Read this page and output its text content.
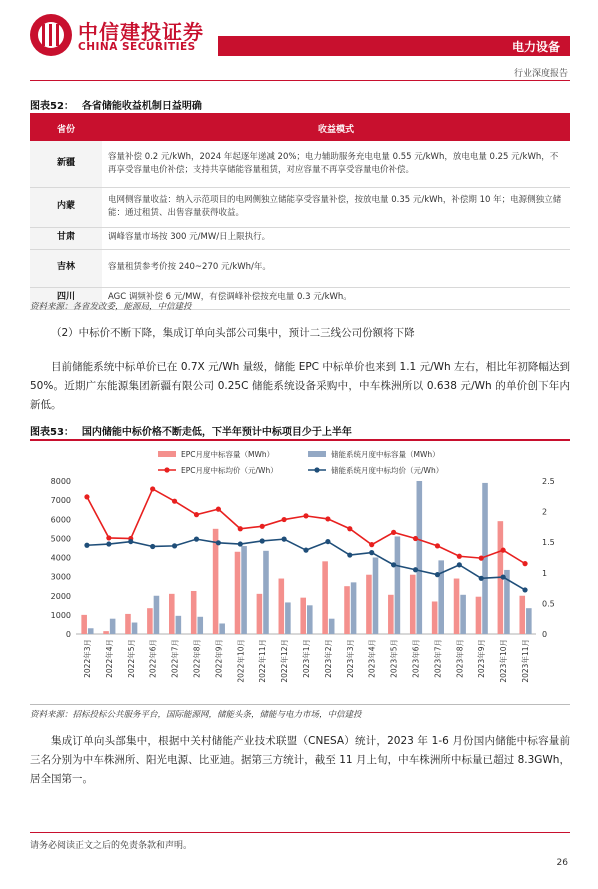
中信建投证券
CHINA SECURITIES	电力设备
行业深度报告
图表52： 各省储能收益机制日益明确
省份	收益模式
新疆	容量补偿 0.2 元/kWh，2024 年起逐年递减 20%；电力辅助服务充电电量 0.55 元/kWh，放电电量 0.25 元/kWh，不再享受容量电价补偿；支持共享储能容量租赁，对应容量不再享受容量电价补偿。
内蒙	电网侧容量收益：纳入示范项目的电网侧独立储能享受容量补偿，按放电量 0.35 元/kWh，补偿期 10 年；电源侧独立储能：通过租赁、出售容量获得收益。
甘肃	调峰容量市场按 300 元/MW/日上限执行。
吉林	容量租赁参考价按 240~270 元/kWh/年。
四川	AGC 调频补偿 6 元/MW，有偿调峰补偿按充电量 0.3 元/kWh。
资料来源：各省发改委，能源局，中信建投
（2）中标价不断下降，集成订单向头部公司集中，预计二三线公司份额将下降
目前储能系统中标单价已在 0.7X 元/Wh 量级，储能 EPC 中标单价也来到 1.1 元/Wh 左右，相比年初降幅达到 50%。近期广东能源集团新疆有限公司 0.25C 储能系统设备采购中，中车株洲所以 0.638 元/Wh 的单价创下年内新低。
图表53： 国内储能中标价格不断走低，下半年预计中标项目少于上半年
EPC月度中标容量（MWh）	储能系统月度中标容量（MWh）
EPC月度中标均价（元/Wh）	储能系统月度中标均价（元/Wh）
0
1000
2000
3000
4000
5000
6000
7000
8000
0
0.5
1
1.5
2
2.5
2022年3月 2022年4月 2022年5月 2022年6月 2022年7月 2022年8月 2022年9月 2022年10月 2022年11月 2022年12月 2023年1月 2023年2月 2023年3月 2023年4月 2023年5月 2023年6月 2023年7月 2023年8月 2023年9月 2023年10月 2023年11月
资料来源：招标投标公共服务平台，国际能源网，储能头条，储能与电力市场，中信建投
集成订单向头部集中，根据中关村储能产业技术联盟（CNESA）统计，2023 年 1-6 月份国内储能中标容量前三名分别为中车株洲所、阳光电源、比亚迪。据第三方统计，截至 11 月上旬，中车株洲所中标量已超过 8.3GWh，居全国第一。
请务必阅读正文之后的免责条款和声明。
26
